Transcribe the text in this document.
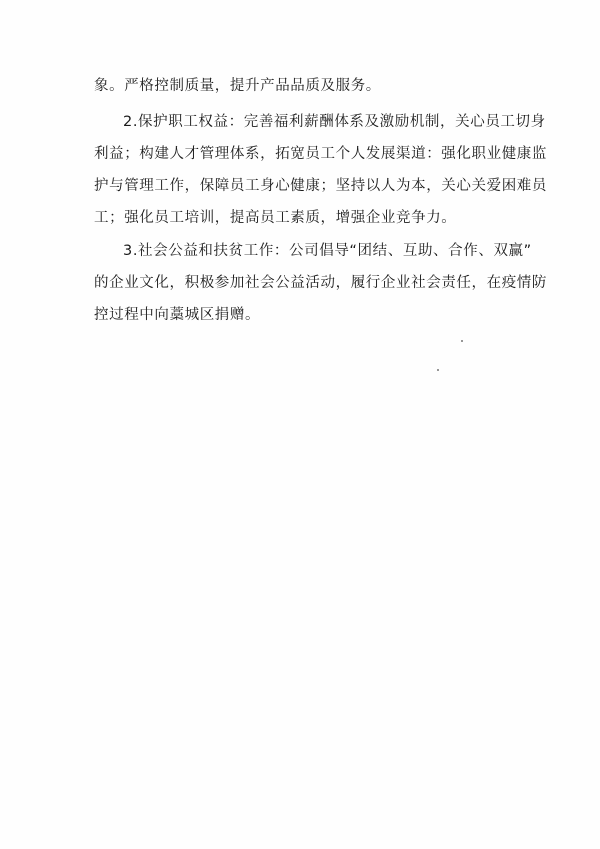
象。严格控制质量，提升产品品质及服务。
2.保护职工权益：完善福利薪酬体系及激励机制，关心员工切身
利益；构建人才管理体系，拓宽员工个人发展渠道：强化职业健康监
护与管理工作，保障员工身心健康；坚持以人为本，关心关爱困难员
工；强化员工培训，提高员工素质，增强企业竞争力。
3.社会公益和扶贫工作：公司倡导“团结、互助、合作、双赢”
的企业文化，积极参加社会公益活动，履行企业社会责任，在疫情防
控过程中向藁城区捐赠。
